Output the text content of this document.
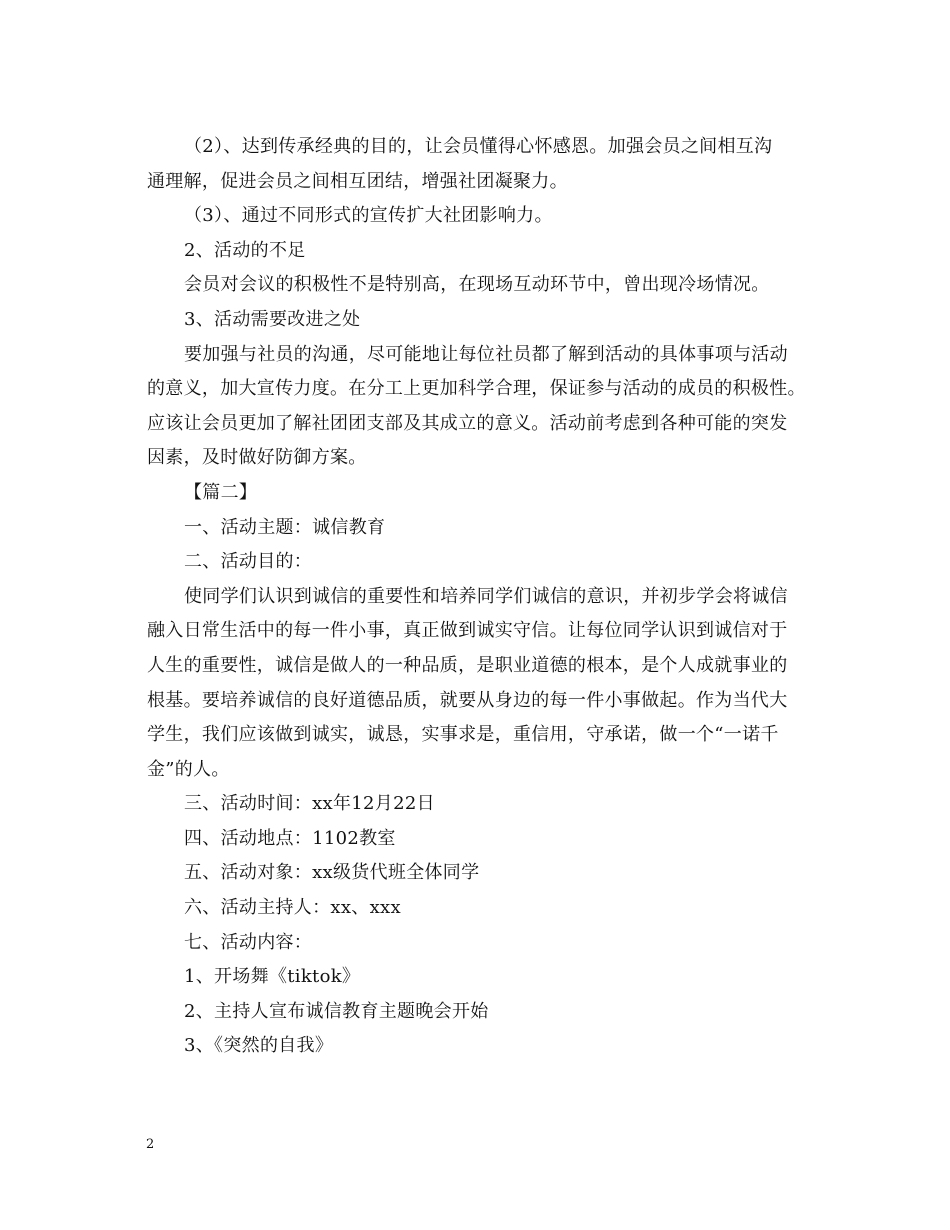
（2）、达到传承经典的目的，让会员懂得心怀感恩。加强会员之间相互沟

通理解，促进会员之间相互团结，增强社团凝聚力。

（3）、通过不同形式的宣传扩大社团影响力。

2、活动的不足

会员对会议的积极性不是特别高，在现场互动环节中，曾出现冷场情况。

3、活动需要改进之处

要加强与社员的沟通，尽可能地让每位社员都了解到活动的具体事项与活动

的意义，加大宣传力度。在分工上更加科学合理，保证参与活动的成员的积极性。

应该让会员更加了解社团团支部及其成立的意义。活动前考虑到各种可能的突发

因素，及时做好防御方案。

【篇二】

一、活动主题：诚信教育

二、活动目的：

使同学们认识到诚信的重要性和培养同学们诚信的意识，并初步学会将诚信

融入日常生活中的每一件小事，真正做到诚实守信。让每位同学认识到诚信对于

人生的重要性，诚信是做人的一种品质，是职业道德的根本，是个人成就事业的

根基。要培养诚信的良好道德品质，就要从身边的每一件小事做起。作为当代大

学生，我们应该做到诚实，诚恳，实事求是，重信用，守承诺，做一个“一诺千

金”的人。

三、活动时间：xx年12月22日

四、活动地点：1102教室

五、活动对象：xx级货代班全体同学

六、活动主持人：xx、xxx

七、活动内容：

1、开场舞《tiktok》

2、主持人宣布诚信教育主题晚会开始

3、《突然的自我》

2
